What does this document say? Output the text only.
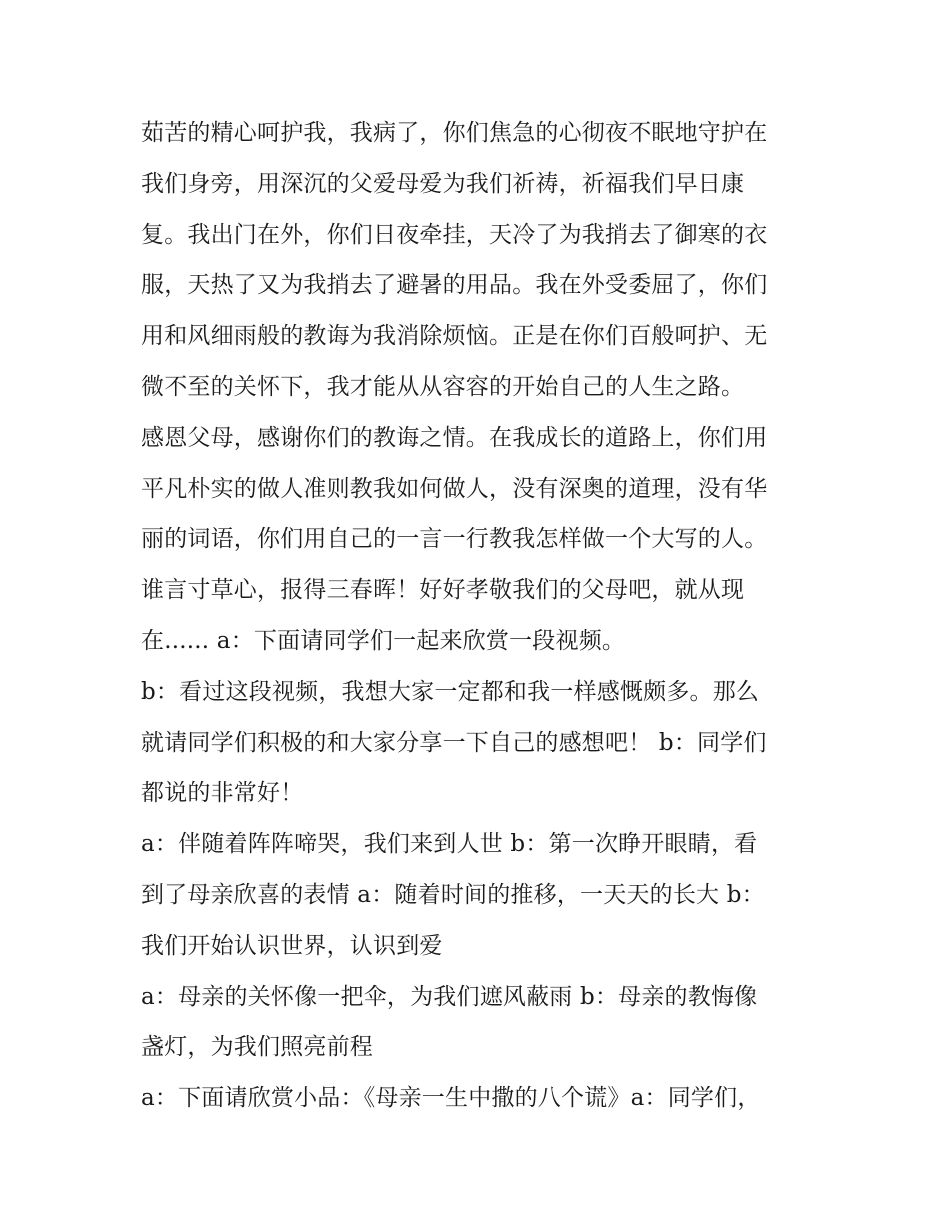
茹苦的精心呵护我，我病了，你们焦急的心彻夜不眠地守护在
我们身旁，用深沉的父爱母爱为我们祈祷，祈福我们早日康
复。我出门在外，你们日夜牵挂，天冷了为我捎去了御寒的衣
服，天热了又为我捎去了避暑的用品。我在外受委屈了，你们
用和风细雨般的教诲为我消除烦恼。正是在你们百般呵护、无
微不至的关怀下，我才能从从容容的开始自己的人生之路。
感恩父母，感谢你们的教诲之情。在我成长的道路上，你们用
平凡朴实的做人准则教我如何做人，没有深奥的道理，没有华
丽的词语，你们用自己的一言一行教我怎样做一个大写的人。
谁言寸草心，报得三春晖！好好孝敬我们的父母吧，就从现
在...... a：下面请同学们一起来欣赏一段视频。
b：看过这段视频，我想大家一定都和我一样感慨颇多。那么
就请同学们积极的和大家分享一下自己的感想吧！ b：同学们
都说的非常好！
a：伴随着阵阵啼哭，我们来到人世 b：第一次睁开眼睛，看
到了母亲欣喜的表情 a：随着时间的推移，一天天的长大 b：
我们开始认识世界，认识到爱
a：母亲的关怀像一把伞，为我们遮风蔽雨 b：母亲的教悔像
盏灯，为我们照亮前程
a：下面请欣赏小品：《母亲一生中撒的八个谎》a：同学们，
